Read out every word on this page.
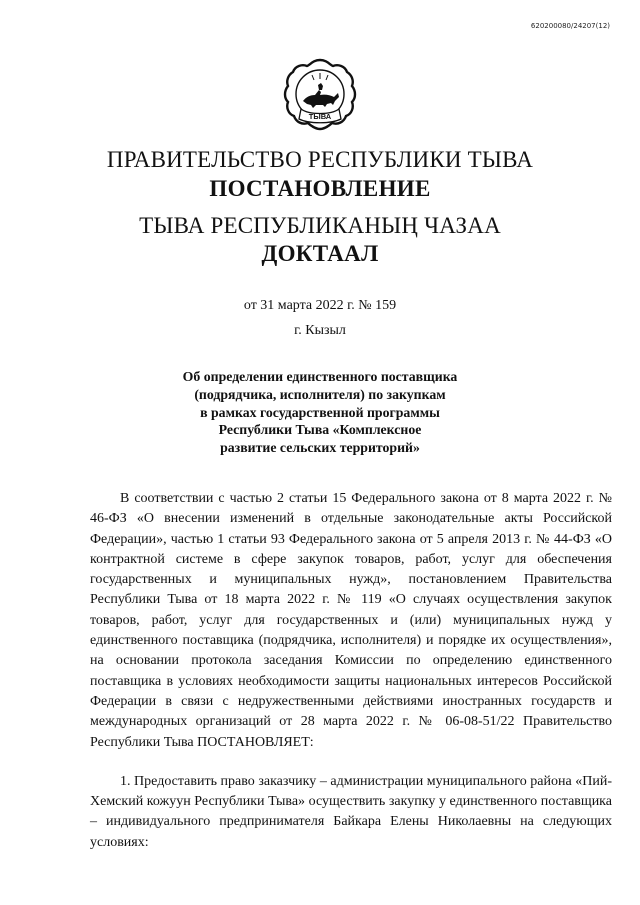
620200080/24207(12)
ТЫВА
ПРАВИТЕЛЬСТВО РЕСПУБЛИКИ ТЫВА
ПОСТАНОВЛЕНИЕ
ТЫВА РЕСПУБЛИКАНЫҢ ЧАЗАА
ДОКТААЛ
от 31 марта 2022 г. № 159
г. Кызыл
Об определении единственного поставщика
(подрядчика, исполнителя) по закупкам
в рамках государственной программы
Республики Тыва «Комплексное
развитие сельских территорий»

В соответствии с частью 2 статьи 15 Федерального закона от 8 марта 2022 г. № 46-ФЗ «О внесении изменений в отдельные законодательные акты Российской Федерации», частью 1 статьи 93 Федерального закона от 5 апреля 2013 г. № 44-ФЗ «О контрактной системе в сфере закупок товаров, работ, услуг для обеспечения государственных и муниципальных нужд», постановлением Правительства Республики Тыва от 18 марта 2022 г. № 119 «О случаях осуществления закупок товаров, работ, услуг для государственных и (или) муниципальных нужд у единственного поставщика (подрядчика, исполнителя) и порядке их осуществления», на основании протокола заседания Комиссии по определению единственного поставщика в условиях необходимости защиты национальных интересов Российской Федерации в связи с недружественными действиями иностранных государств и международных организаций от 28 марта 2022 г. № 06-08-51/22 Правительство Республики Тыва ПОСТАНОВЛЯЕТ:

1. Предоставить право заказчику – администрации муниципального района «Пий-Хемский кожуун Республики Тыва» осуществить закупку у единственного поставщика – индивидуального предпринимателя Байкара Елены Николаевны на следующих условиях:
